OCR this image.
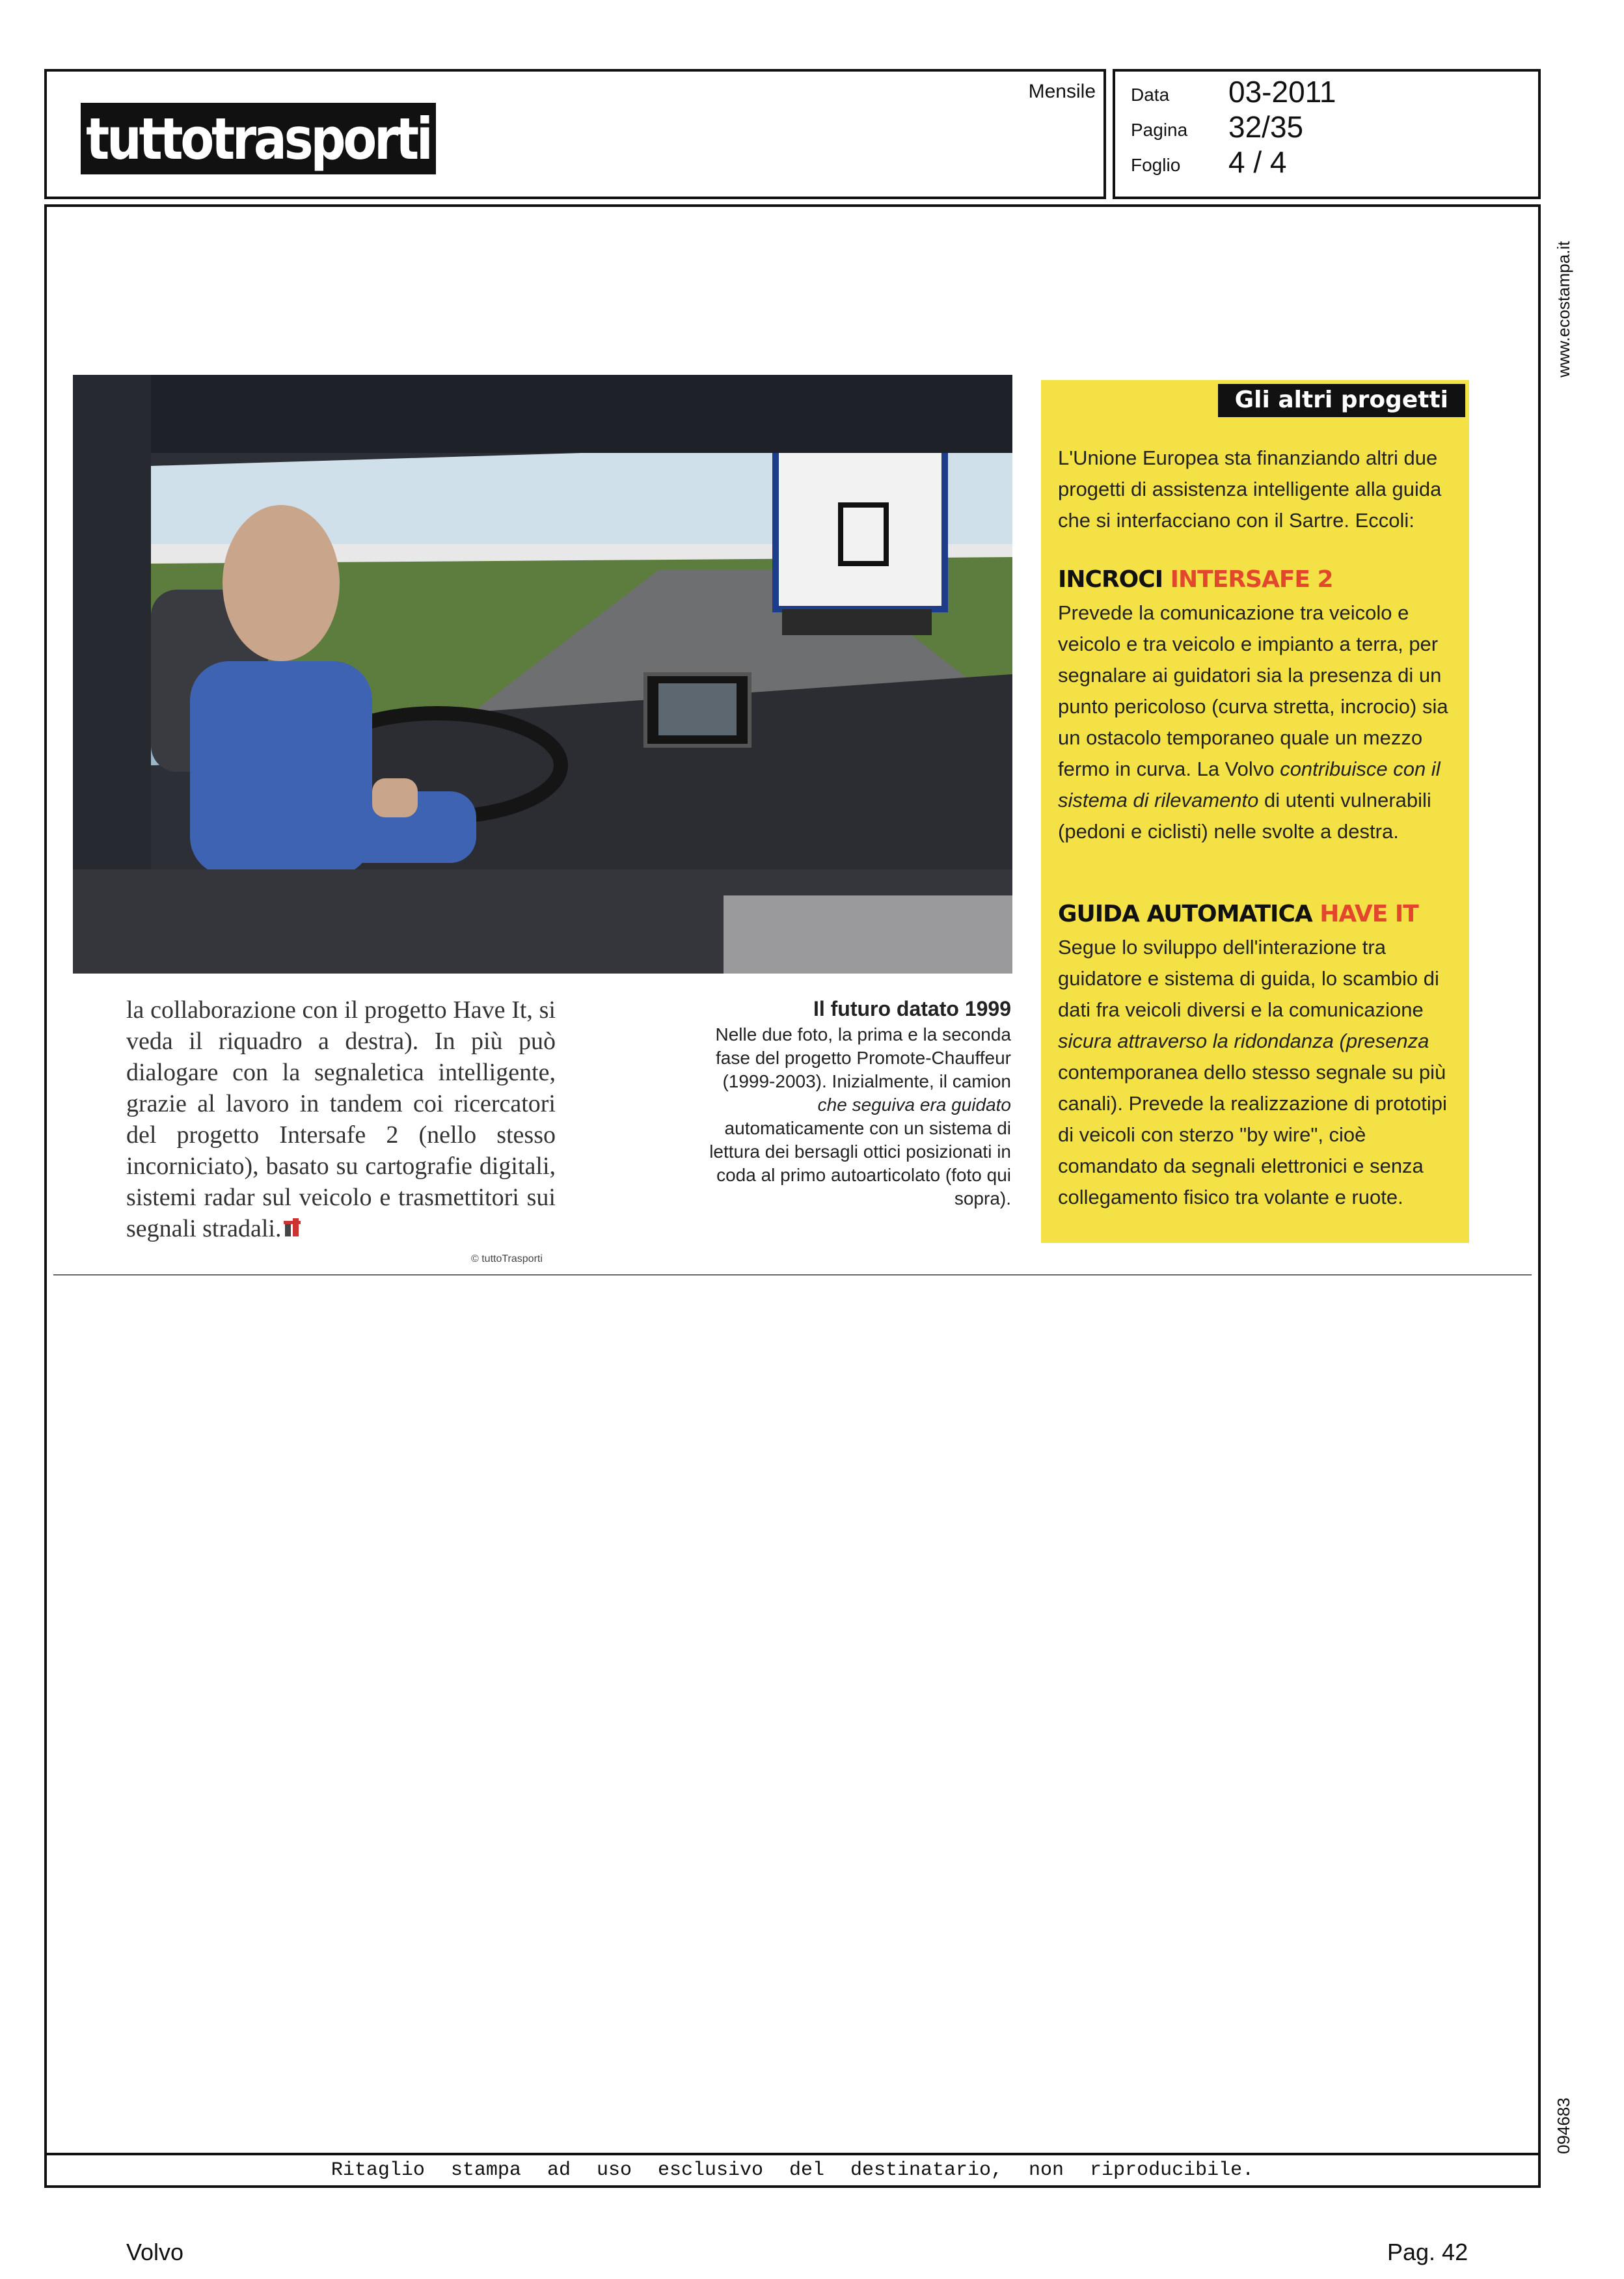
tuttotrasporti
Mensile Data 03-2011
Pagina 32/35
Foglio 4 / 4
Ritaglio stampa ad uso esclusivo del destinatario, non riproducibile.
la collaborazione con il progetto Have It, si veda il riquadro a destra). In più può dialogare con la segnaletica intelligente, grazie al lavoro in tandem coi ricercatori del progetto Intersafe 2 (nello stesso incorniciato), basato su cartografie digitali, sistemi radar sul veicolo e trasmettitori sui segnali stradali.
© tuttoTrasporti
Il futuro datato 1999
Nelle due foto, la prima e la seconda fase del progetto Promote-Chauffeur (1999-2003). Inizialmente, il camion che seguiva era guidato automaticamente con un sistema di lettura dei bersagli ottici posizionati in coda al primo autoarticolato (foto qui sopra).
Gli altri progetti
L'Unione Europea sta finanziando altri due progetti di assistenza intelligente alla guida che si interfacciano con il Sartre. Eccoli:
INCROCI INTERSAFE 2
Prevede la comunicazione tra veicolo e veicolo e tra veicolo e impianto a terra, per segnalare ai guidatori sia la presenza di un punto pericoloso (curva stretta, incrocio) sia un ostacolo temporaneo quale un mezzo fermo in curva. La Volvo contribuisce con il sistema di rilevamento di utenti vulnerabili (pedoni e ciclisti) nelle svolte a destra.
GUIDA AUTOMATICA HAVE IT
Segue lo sviluppo dell'interazione tra guidatore e sistema di guida, lo scambio di dati fra veicoli diversi e la comunicazione sicura attraverso la ridondanza (presenza contemporanea dello stesso segnale su più canali). Prevede la realizzazione di prototipi di veicoli con sterzo "by wire", cioè comandato da segnali elettronici e senza collegamento fisico tra volante e ruote.
www.ecostampa.it
094683
Volvo	Pag. 42
